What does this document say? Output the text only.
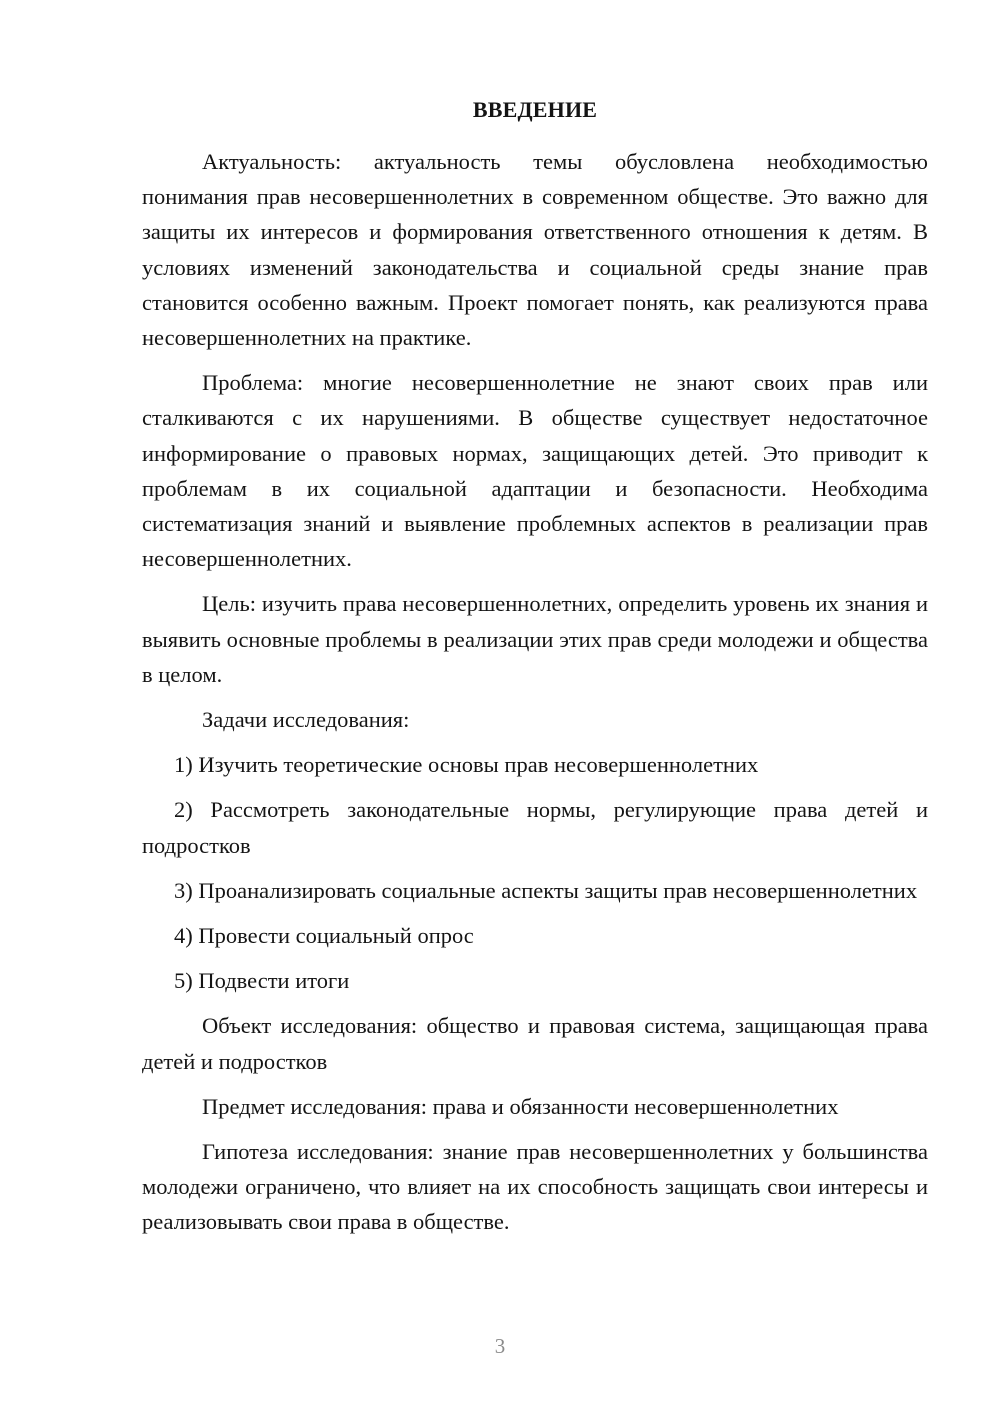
ВВЕДЕНИЕ

Актуальность: актуальность темы обусловлена необходимостью понимания прав несовершеннолетних в современном обществе. Это важно для защиты их интересов и формирования ответственного отношения к детям. В условиях изменений законодательства и социальной среды знание прав становится особенно важным. Проект помогает понять, как реализуются права несовершеннолетних на практике.

Проблема: многие несовершеннолетние не знают своих прав или сталкиваются с их нарушениями. В обществе существует недостаточное информирование о правовых нормах, защищающих детей. Это приводит к проблемам в их социальной адаптации и безопасности. Необходима систематизация знаний и выявление проблемных аспектов в реализации прав несовершеннолетних.

Цель: изучить права несовершеннолетних, определить уровень их знания и выявить основные проблемы в реализации этих прав среди молодежи и общества в целом.

Задачи исследования:

1) Изучить теоретические основы прав несовершеннолетних

2) Рассмотреть законодательные нормы, регулирующие права детей и подростков

3) Проанализировать социальные аспекты защиты прав несовершеннолетних

4) Провести социальный опрос

5) Подвести итоги

Объект исследования: общество и правовая система, защищающая права детей и подростков

Предмет исследования: права и обязанности несовершеннолетних

Гипотеза исследования: знание прав несовершеннолетних у большинства молодежи ограничено, что влияет на их способность защищать свои интересы и реализовывать свои права в обществе.

3
